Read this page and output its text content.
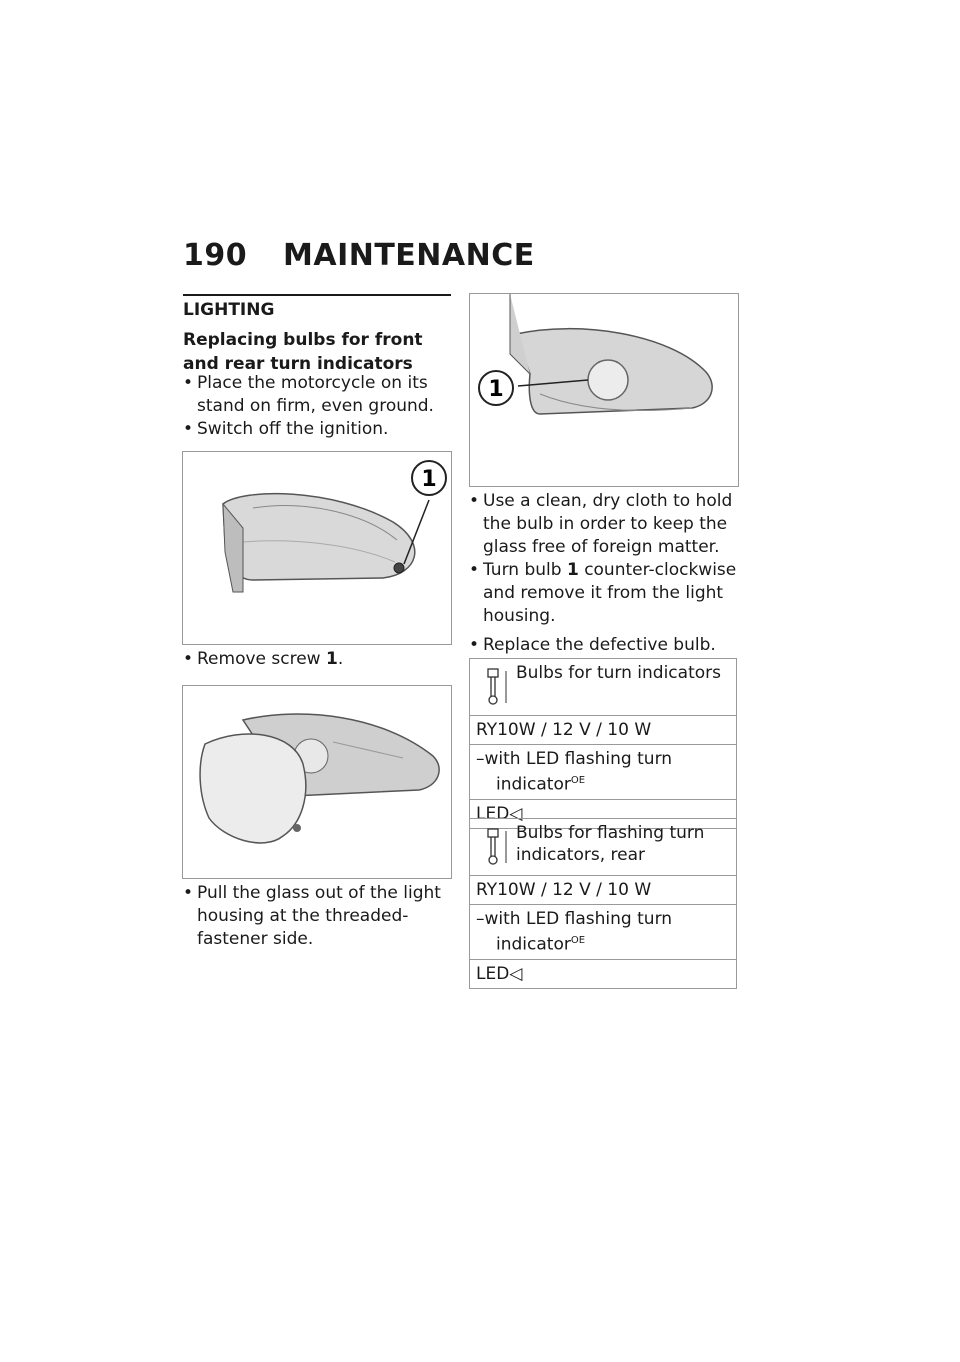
190 MAINTENANCE
LIGHTING
Replacing bulbs for front and rear turn indicators
• Place the motorcycle on its stand on firm, even ground.
• Switch off the ignition.
1
• Remove screw 1.
• Pull the glass out of the light housing at the threaded-fastener side.
1
• Use a clean, dry cloth to hold the bulb in order to keep the glass free of foreign matter.
• Turn bulb 1 counter-clockwise and remove it from the light housing.
• Replace the defective bulb.
Bulbs for turn indicators
RY10W / 12 V / 10 W
–with LED flashing turn indicator$^{OE}$
LED◁
Bulbs for flashing turn indicators, rear
RY10W / 12 V / 10 W
–with LED flashing turn indicator$^{OE}$
LED◁
